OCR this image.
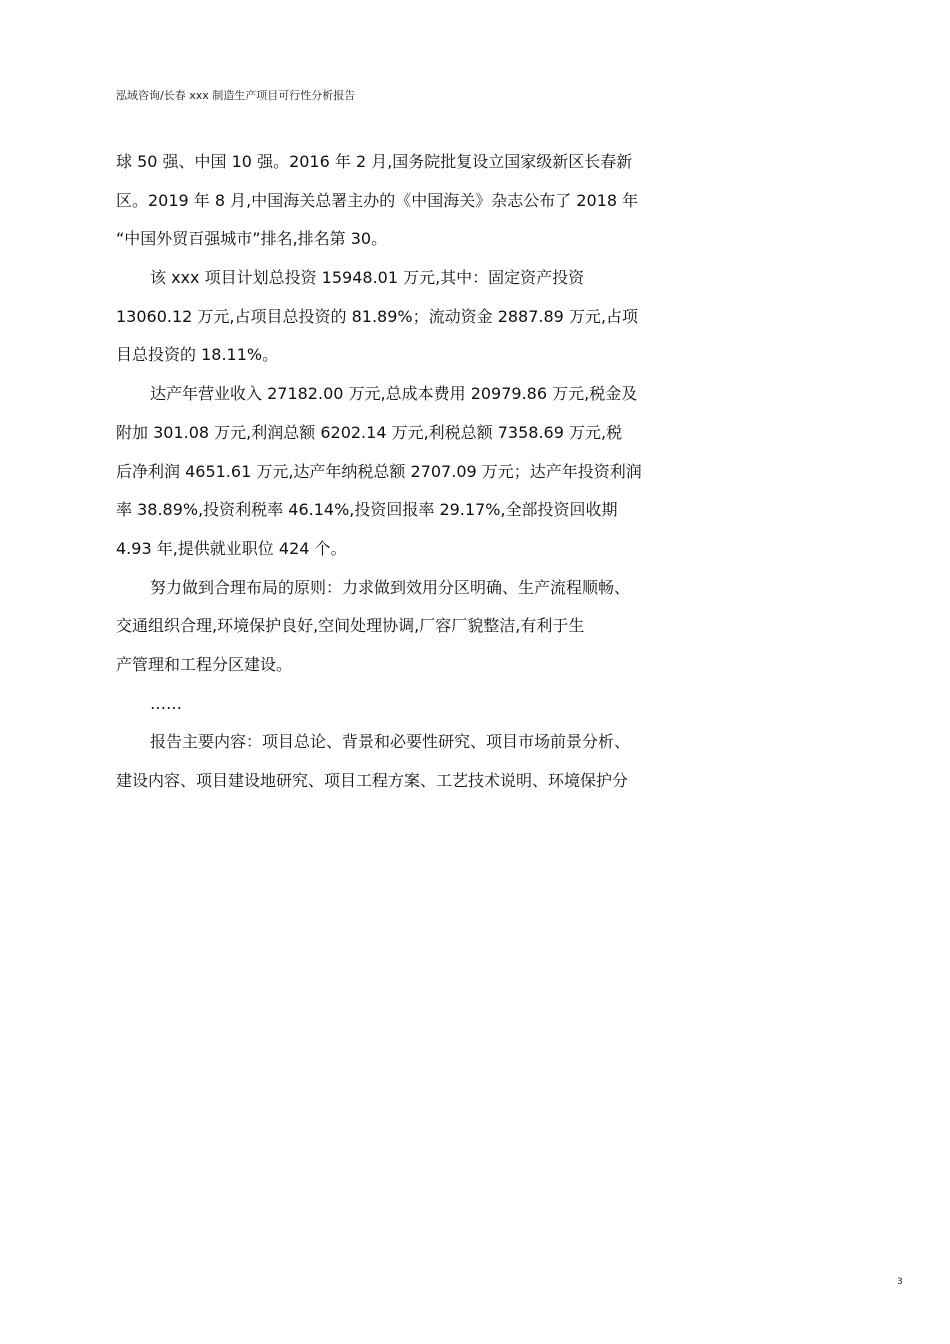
泓域咨询/长春 xxx 制造生产项目可行性分析报告
球 50 强、中国 10 强。2016 年 2 月,国务院批复设立国家级新区长春新
区。2019 年 8 月,中国海关总署主办的《中国海关》杂志公布了 2018 年
“中国外贸百强城市”排名,排名第 30。
该 xxx 项目计划总投资 15948.01 万元,其中：固定资产投资
13060.12 万元,占项目总投资的 81.89%；流动资金 2887.89 万元,占项
目总投资的 18.11%。
达产年营业收入 27182.00 万元,总成本费用 20979.86 万元,税金及
附加 301.08 万元,利润总额 6202.14 万元,利税总额 7358.69 万元,税
后净利润 4651.61 万元,达产年纳税总额 2707.09 万元；达产年投资利润
率 38.89%,投资利税率 46.14%,投资回报率 29.17%,全部投资回收期
4.93 年,提供就业职位 424 个。
努力做到合理布局的原则：力求做到效用分区明确、生产流程顺畅、
交通组织合理,环境保护良好,空间处理协调,厂容厂貌整洁,有利于生
产管理和工程分区建设。
……
报告主要内容：项目总论、背景和必要性研究、项目市场前景分析、
建设内容、项目建设地研究、项目工程方案、工艺技术说明、环境保护分
3
